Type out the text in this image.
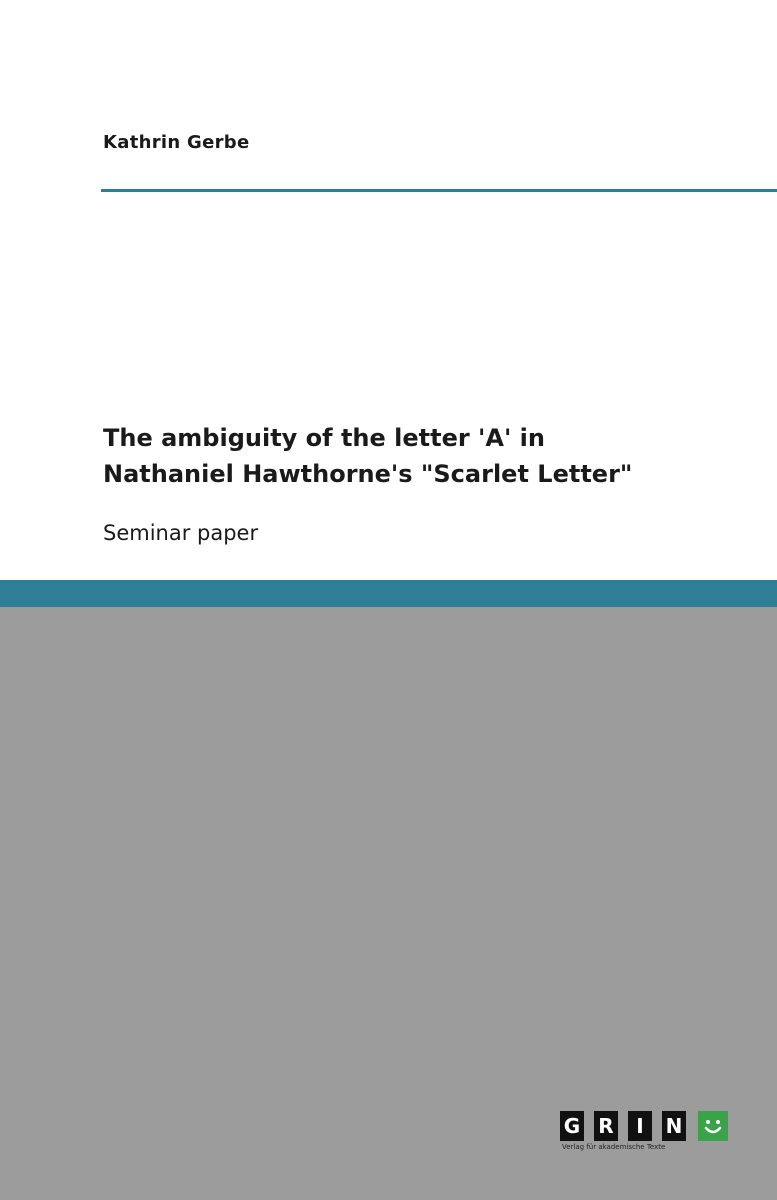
Kathrin Gerbe
The ambiguity of the letter 'A' in
Nathaniel Hawthorne's "Scarlet Letter"
Seminar paper
G R	I	N
Verlag für akademische Texte
